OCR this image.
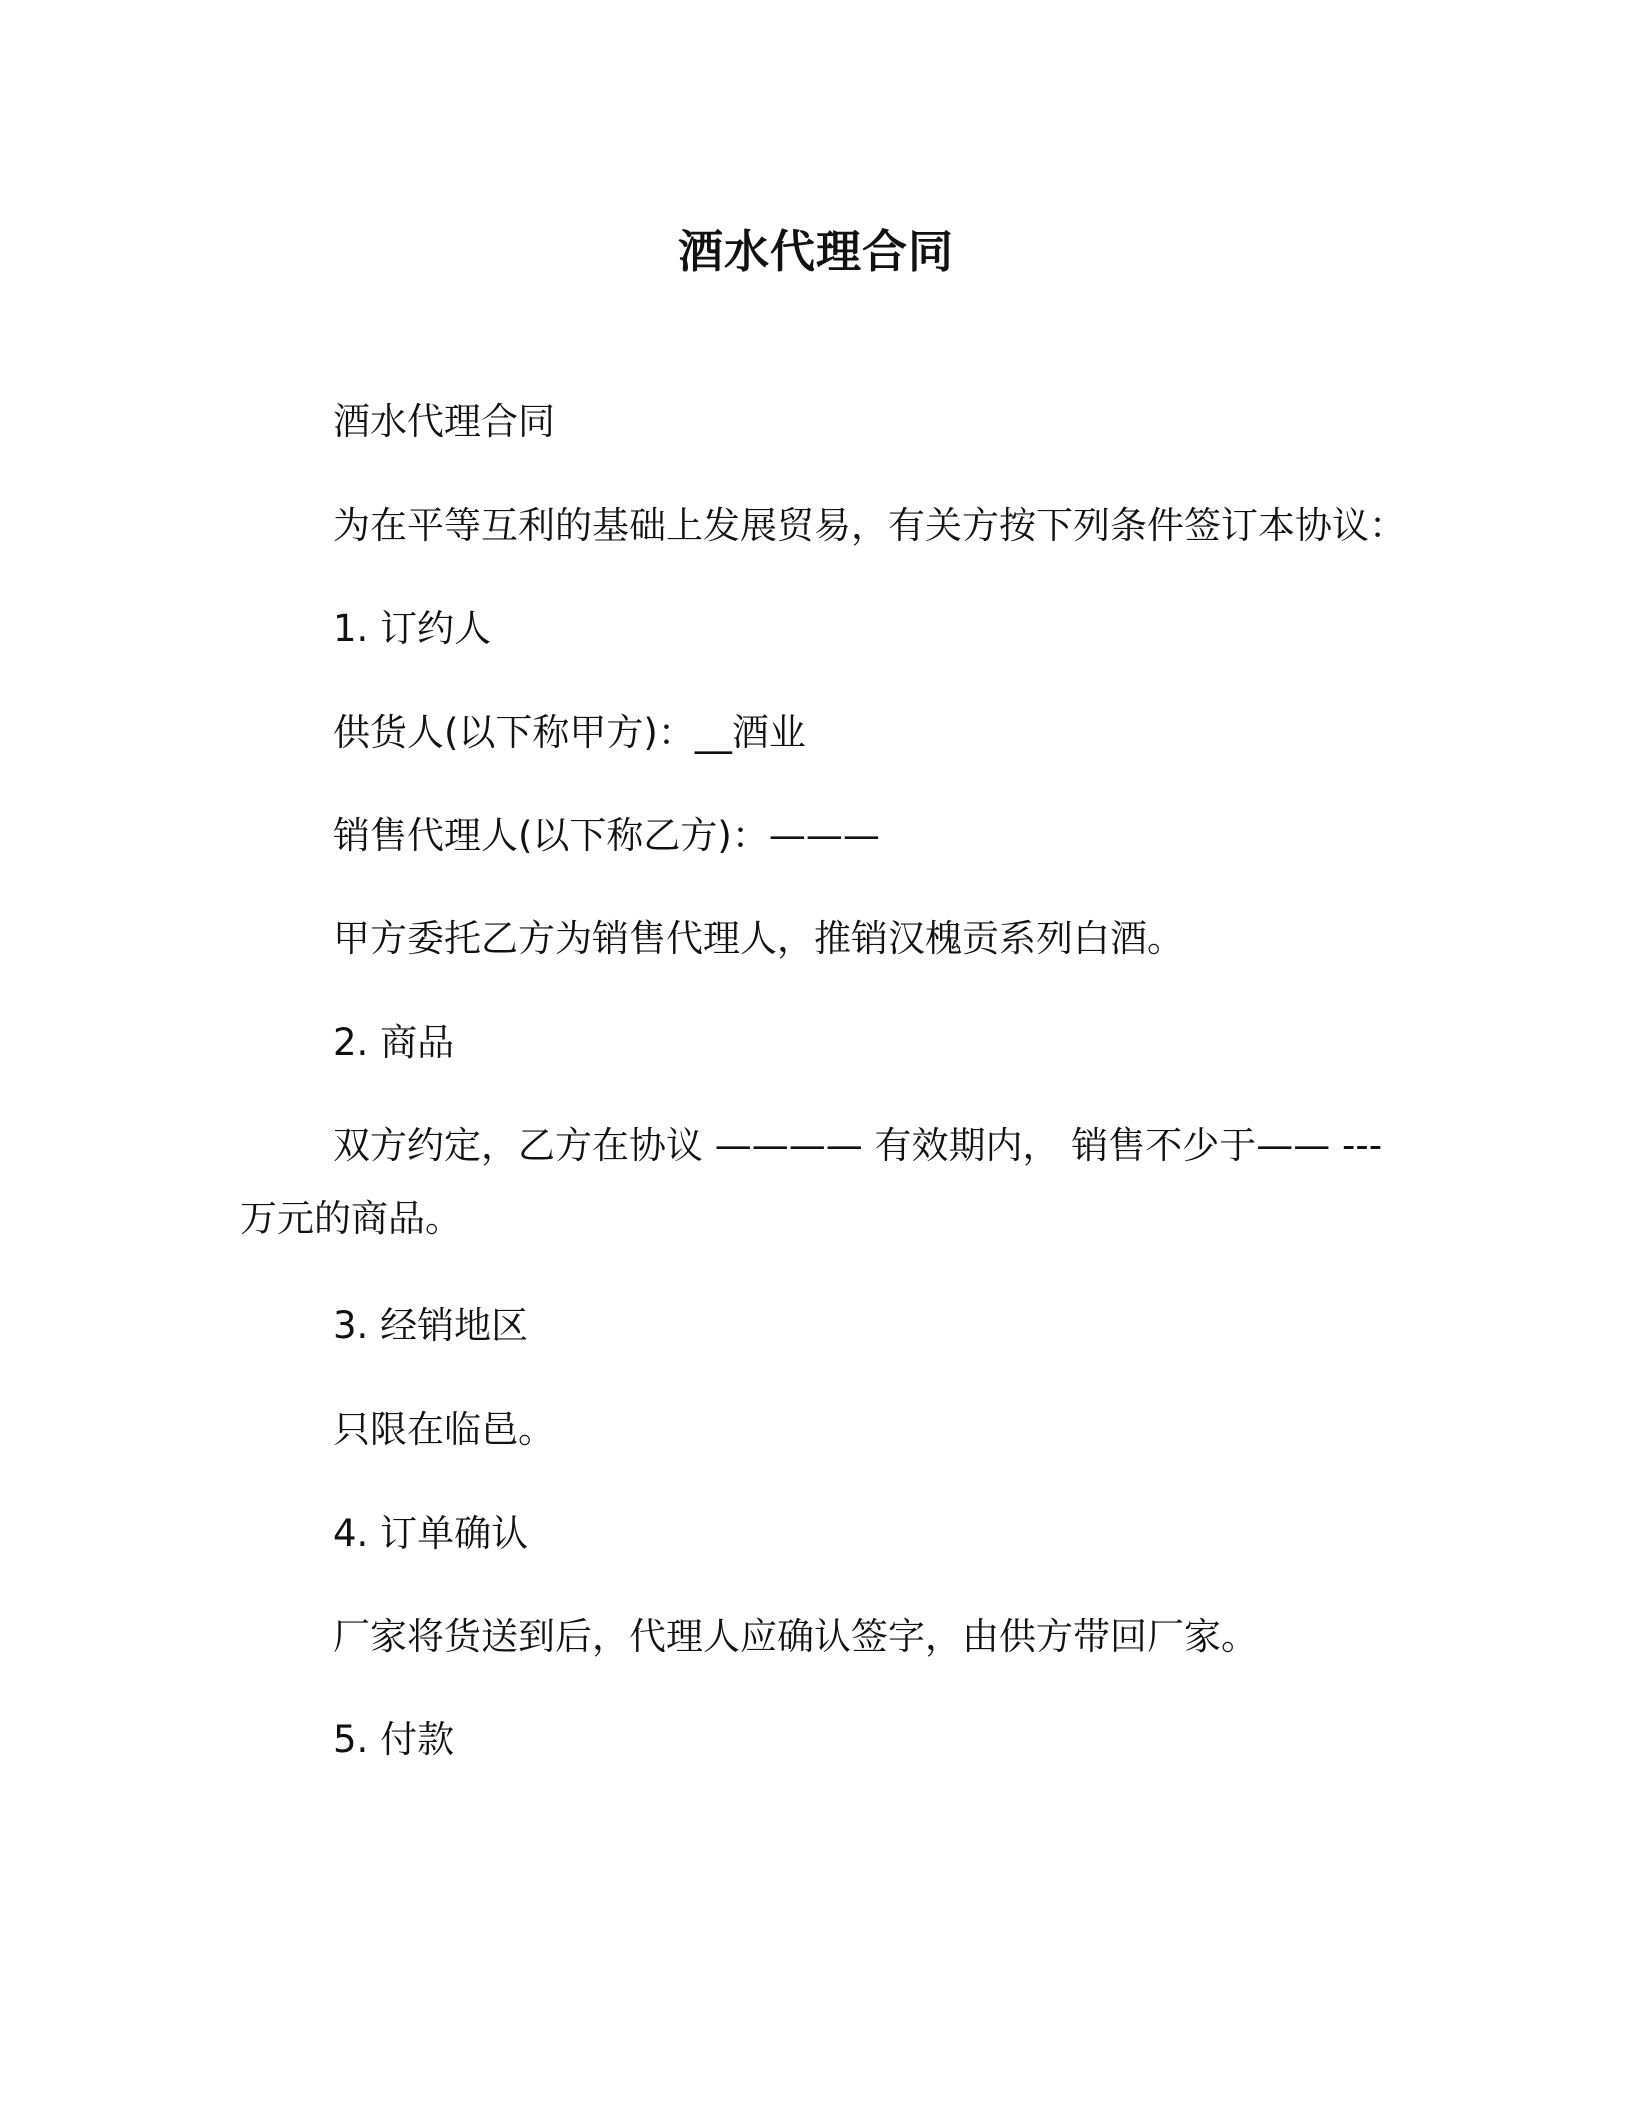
酒水代理合同
酒水代理合同
为在平等互利的基础上发展贸易，有关方按下列条件签订本协议：
1. 订约人
供货人(以下称甲方)：__酒业
销售代理人(以下称乙方)：———
甲方委托乙方为销售代理人，推销汉槐贡系列白酒。
2. 商品
双方约定，乙方在协议 ———— 有效期内， 销售不少于—— ---
万元的商品。
3. 经销地区
只限在临邑。
4. 订单确认
厂家将货送到后，代理人应确认签字，由供方带回厂家。
5. 付款
